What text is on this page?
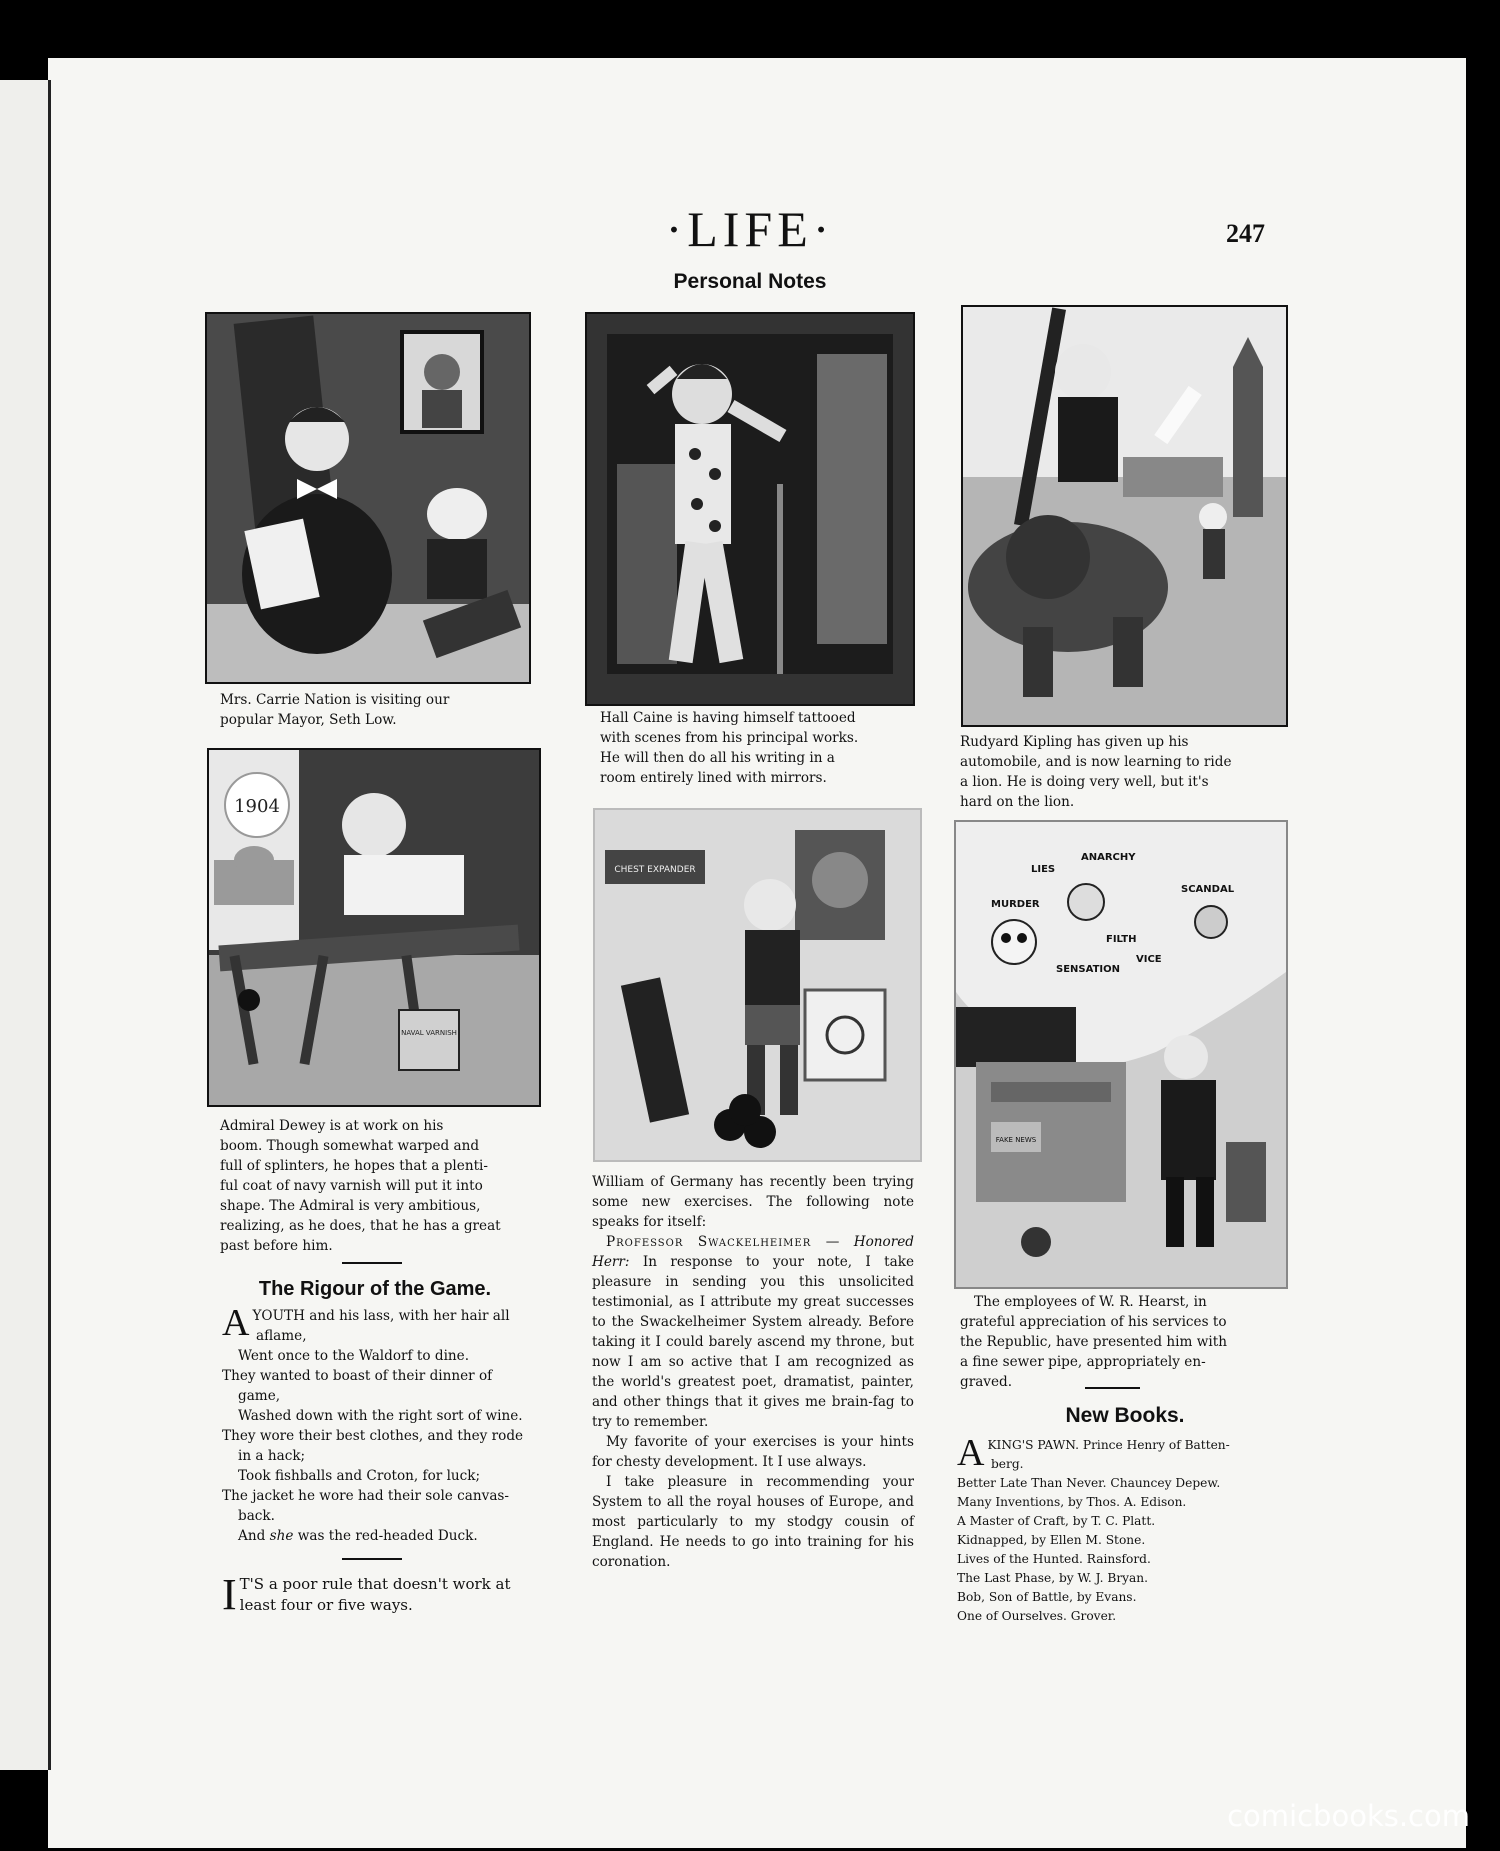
·LIFE·	247
Personal Notes

Mrs. Carrie Nation is visiting our

popular Mayor, Seth Low.	Hall Caine is having himself tattooed

with scenes from his principal works.

He will then do all his writing in a

room entirely lined with mirrors.

Rudyard Kipling has given up his

automobile, and is now learning to ride

a lion. He is doing very well, but it's

hard on the lion.

1904
NAVAL VARNISH

Admiral Dewey is at work on his

boom. Though somewhat warped and

full of splinters, he hopes that a plenti-

ful coat of navy varnish will put it into

shape. The Admiral is very ambitious,

realizing, as he does, that he has a great

past before him.

The Rigour of the Game.
AYOUTH and his lass, with her hair all
aflame,
Went once to the Waldorf to dine.
They wanted to boast of their dinner of
game,
Washed down with the right sort of wine.
They wore their best clothes, and they rode
in a hack;
Took fishballs and Croton, for luck;
The jacket he wore had their sole canvas-
back.
And she was the red-headed Duck.
I T'S a poor rule that doesn't work at
least four or five ways.
CHEST EXPANDER

William of Germany has recently been trying some new exercises. The following note speaks for itself:

Professor Swackelheimer — Honored Herr: In response to your note, I take pleasure in sending you this unsolicited testimonial, as I attribute my great successes to the Swackelheimer System already. Before taking it I could barely ascend my throne, but now I am so active that I am recognized as the world's greatest poet, dramatist, painter, and other things that it gives me brain-fag to try to remember.

My favorite of your exercises is your hints for chesty development. It I use always.

I take pleasure in recommending your System to all the royal houses of Europe, and most particularly to my stodgy cousin of England. He needs to go into training for his coronation.

LIES
ANARCHY
MURDER
SCANDAL
FILTH
SENSATION
VICE
FAKE NEWS

The employees of W. R. Hearst, in

grateful appreciation of his services to

the Republic, have presented him with

a fine sewer pipe, appropriately en-

graved.

New Books.
AKING'S PAWN. Prince Henry of Batten-
berg.
Better Late Than Never. Chauncey Depew.
Many Inventions, by Thos. A. Edison.
A Master of Craft, by T. C. Platt.
Kidnapped, by Ellen M. Stone.
Lives of the Hunted. Rainsford.
The Last Phase, by W. J. Bryan.
Bob, Son of Battle, by Evans.
One of Ourselves. Grover.
comicbooks.com
